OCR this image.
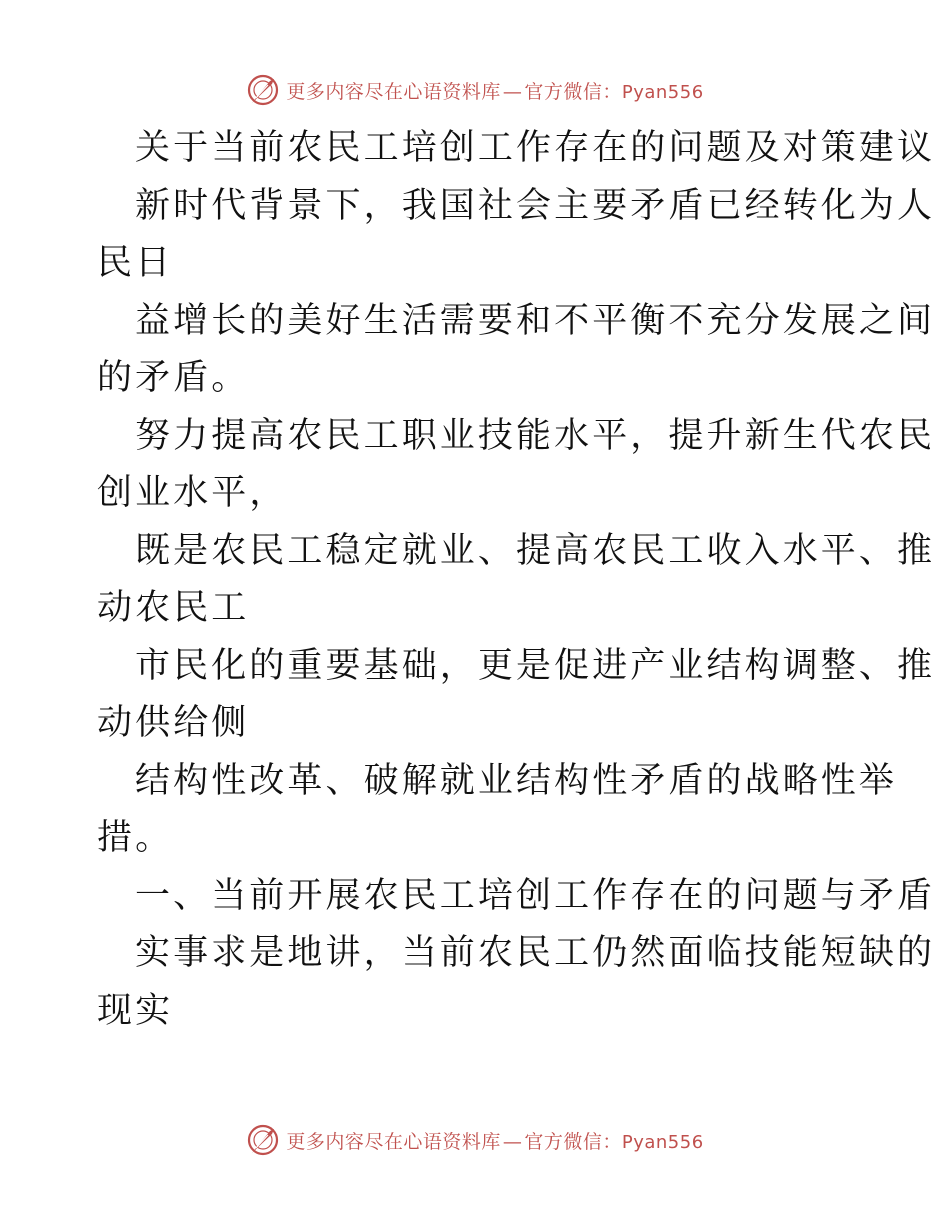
更多内容尽在心语资料库 — 官方微信：Pyan556
关于当前农民工培创工作存在的问题及对策建议
新时代背景下，我国社会主要矛盾已经转化为人
民日
益增长的美好生活需要和不平衡不充分发展之间
的矛盾。
努力提高农民工职业技能水平，提升新生代农民
创业水平，
既是农民工稳定就业、提高农民工收入水平、推
动农民工
市民化的重要基础，更是促进产业结构调整、推
动供给侧
结构性改革、破解就业结构性矛盾的战略性举
措。
一、当前开展农民工培创工作存在的问题与矛盾
实事求是地讲，当前农民工仍然面临技能短缺的
现实
更多内容尽在心语资料库 — 官方微信：Pyan556
